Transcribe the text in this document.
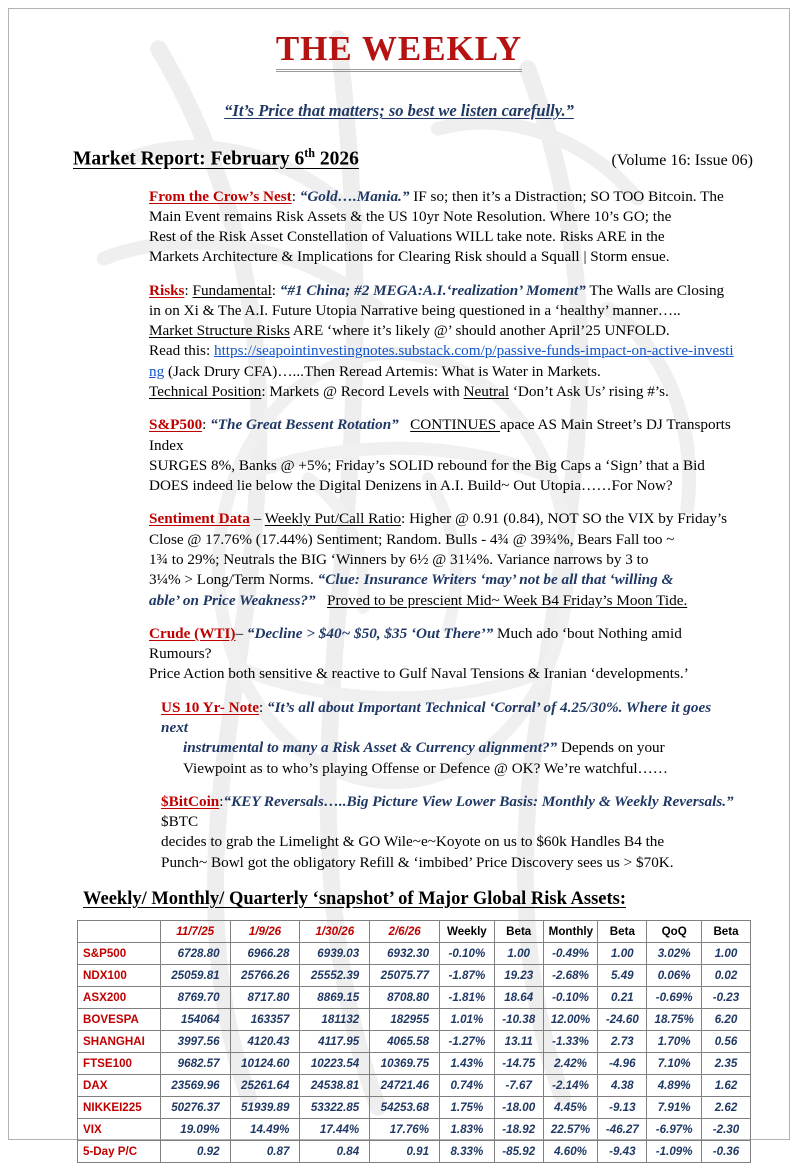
THE WEEKLY
“It’s Price that matters; so best we listen carefully.”
Market Report: February 6th 2026	(Volume 16: Issue 06)

From the Crow’s Nest: “Gold….Mania.” IF so; then it’s a Distraction; SO TOO Bitcoin. The

Main Event remains Risk Assets & the US 10yr Note Resolution. Where 10’s GO; the

Rest of the Risk Asset Constellation of Valuations WILL take note. Risks ARE in the

Markets Architecture & Implications for Clearing Risk should a Squall | Storm ensue.

Risks: Fundamental: “#1 China; #2 MEGA:A.I.‘realization’ Moment” The Walls are Closing

in on Xi & The A.I. Future Utopia Narrative being questioned in a ‘healthy’ manner…..

Market Structure Risks ARE ‘where it’s likely @’ should another April’25 UNFOLD.

Read this: https://seapointinvestingnotes.substack.com/p/passive-funds-impact-on-active-investing (Jack Drury CFA)…...Then Reread Artemis: What is Water in Markets.

Technical Position: Markets @ Record Levels with Neutral ‘Don’t Ask Us’ rising #’s.

S&P500: “The Great Bessent Rotation” CONTINUES apace AS Main Street’s DJ Transports Index

SURGES 8%, Banks @ +5%; Friday’s SOLID rebound for the Big Caps a ‘Sign’ that a Bid

DOES indeed lie below the Digital Denizens in A.I. Build~ Out Utopia……For Now?

Sentiment Data – Weekly Put/Call Ratio: Higher @ 0.91 (0.84), NOT SO the VIX by Friday’s

Close @ 17.76% (17.44%) Sentiment; Random. Bulls - 4¾ @ 39¾%, Bears Fall too ~

1¾ to 29%; Neutrals the BIG ‘Winners by 6½ @ 31¼%. Variance narrows by 3 to

3¼% > Long/Term Norms. “Clue: Insurance Writers ‘may’ not be all that ‘willing &

able’ on Price Weakness?” Proved to be prescient Mid~ Week B4 Friday’s Moon Tide.

Crude (WTI)– “Decline > $40~ $50, $35 ‘Out There’” Much ado ‘bout Nothing amid Rumours?

Price Action both sensitive & reactive to Gulf Naval Tensions & Iranian ‘developments.’

US 10 Yr- Note: “It’s all about Important Technical ‘Corral’ of 4.25/30%. Where it goes next

instrumental to many a Risk Asset & Currency alignment?” Depends on your

Viewpoint as to who’s playing Offense or Defence @ OK? We’re watchful……

$BitCoin:“KEY Reversals…..Big Picture View Lower Basis: Monthly & Weekly Reversals.” $BTC

decides to grab the Limelight & GO Wile~e~Koyote on us to $60k Handles B4 the

Punch~ Bowl got the obligatory Refill & ‘imbibed’ Price Discovery sees us > $70K.

Weekly/ Monthly/ Quarterly ‘snapshot’ of Major Global Risk Assets:
	11/7/25	1/9/26	1/30/26	2/6/26	Weekly	Beta	Monthly	Beta	QoQ	Beta
S&P500	6728.80	6966.28	6939.03	6932.30	-0.10%	1.00	-0.49%	1.00	3.02%	1.00
NDX100	25059.81	25766.26	25552.39	25075.77	-1.87%	19.23	-2.68%	5.49	0.06%	0.02
ASX200	8769.70	8717.80	8869.15	8708.80	-1.81%	18.64	-0.10%	0.21	-0.69%	-0.23
BOVESPA	154064	163357	181132	182955	1.01%	-10.38	12.00%	-24.60	18.75%	6.20
SHANGHAI	3997.56	4120.43	4117.95	4065.58	-1.27%	13.11	-1.33%	2.73	1.70%	0.56
FTSE100	9682.57	10124.60	10223.54	10369.75	1.43%	-14.75	2.42%	-4.96	7.10%	2.35
DAX	23569.96	25261.64	24538.81	24721.46	0.74%	-7.67	-2.14%	4.38	4.89%	1.62
NIKKEI225	50276.37	51939.89	53322.85	54253.68	1.75%	-18.00	4.45%	-9.13	7.91%	2.62
VIX	19.09%	14.49%	17.44%	17.76%	1.83%	-18.92	22.57%	-46.27	-6.97%	-2.30
5-Day P/C	0.92	0.87	0.84	0.91	8.33%	-85.92	4.60%	-9.43	-1.09%	-0.36
